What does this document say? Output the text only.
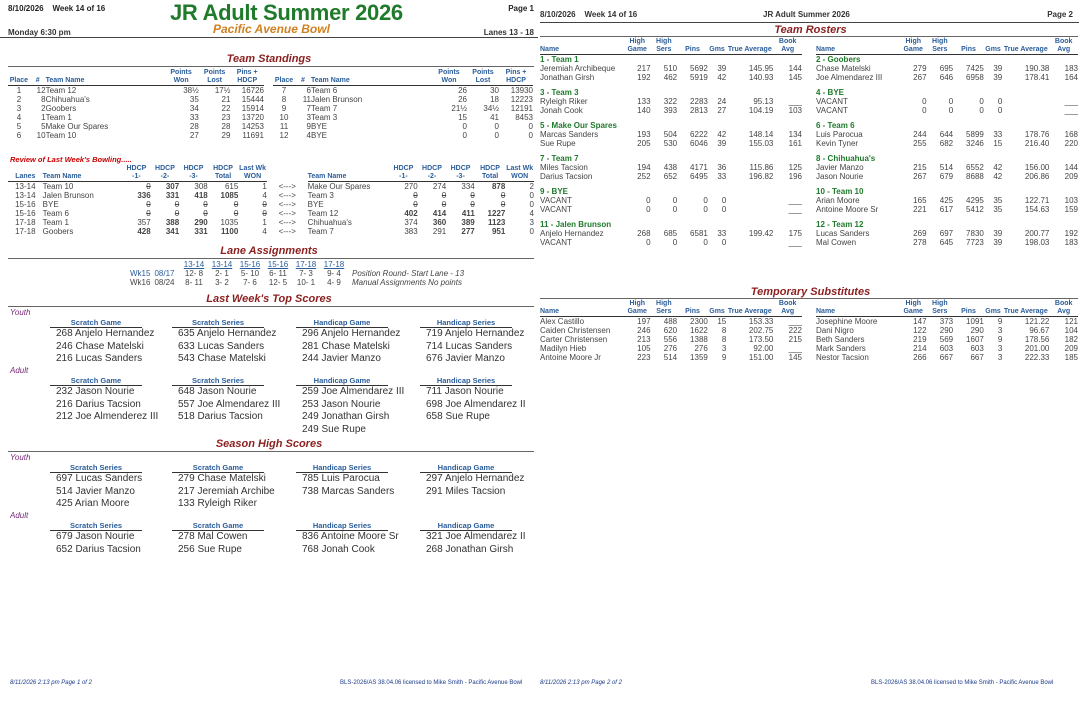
8/10/2026 Week 14 of 16	JR Adult Summer 2026	Page 1
Monday 6:30 pm	Pacific Avenue Bowl	Lanes 13 - 18
Team Standings
Place	#	Team Name	Points Won	Points Lost	Pins + HDCP
1	12	Team 12	38½	17½	16726
2	8	Chihuahua's	35	21	15444
3	2	Goobers	34	22	15914
4	1	Team 1	33	23	13720
5	5	Make Our Spares	28	28	14253
6	10	Team 10	27	29	11691
Place	#	Team Name	Points Won	Points Lost	Pins + HDCP
7	6	Team 6	26	30	13930
8	11	Jalen Brunson	26	18	12223
9	7	Team 7	21½	34½	12191
10	3	Team 3	15	41	8453
11	9	BYE	0	0	0
12	4	BYE	0	0	0
Review of Last Week's Bowling.....
Lanes	Team Name	HDCP -1-	HDCP -2-	HDCP -3-	HDCP Total	Last Wk WON		Team Name	HDCP -1-	HDCP -2-	HDCP -3-	HDCP Total	Last Wk WON
13-14	Team 10	0	307	308	615	1	<--->	Make Our Spares	270	274	334	878	2
13-14	Jalen Brunson	336	331	418	1085	4	<--->	Team 3	0	0	0	0	0
15-16	BYE	0	0	0	0	0	<--->	BYE	0	0	0	0	0
15-16	Team 6	0	0	0	0	0	<--->	Team 12	402	414	411	1227	4
17-18	Team 1	357	388	290	1035	1	<--->	Chihuahua's	374	360	389	1123	3
17-18	Goobers	428	341	331	1100	4	<--->	Team 7	383	291	277	951	0
Lane Assignments
	13-14	13-14	15-16	15-16	17-18	17-18	
Wk15 08/17	12- 8	2- 1	5- 10	6- 11	7- 3	9- 4	Position Round- Start Lane - 13
Wk16 08/24	8- 11	3- 2	7- 6	12- 5	10- 1	4- 9	Manual Assignments No points
Last Week's Top Scores
Youth
Scratch Game
268 Anjelo Hernandez
246 Chase Matelski
216 Lucas Sanders
Scratch Series
635 Anjelo Hernandez
633 Lucas Sanders
543 Chase Matelski
Handicap Game
296 Anjelo Hernandez
281 Chase Matelski
244 Javier Manzo
Handicap Series
719 Anjelo Hernandez
714 Lucas Sanders
676 Javier Manzo
Adult
Scratch Game
232 Jason Nourie
216 Darius Tacsion
212 Joe Almenderez III
Scratch Series
648 Jason Nourie
557 Joe Almendarez III
518 Darius Tacsion
Handicap Game
259 Joe Almendarez III
253 Jason Nourie
249 Jonathan Girsh
249 Sue Rupe
Handicap Series
711 Jason Nourie
698 Joe Almendarez II
658 Sue Rupe
Season High Scores
Youth
Scratch Series
697 Lucas Sanders
514 Javier Manzo
425 Arian Moore
Scratch Game
279 Chase Matelski
217 Jeremiah Archibe
133 Ryleigh Riker
Handicap Series
785 Luis Parocua
738 Marcas Sanders
Handicap Game
297 Anjelo Hernandez
291 Miles Tacsion
Adult
Scratch Series
679 Jason Nourie
652 Darius Tacsion
Scratch Game
278 Mal Cowen
256 Sue Rupe
Handicap Series
836 Antoine Moore Sr
768 Jonah Cook
Handicap Game
321 Joe Almendarez II
268 Jonathan Girsh
8/11/2026 2:13 pm Page 1 of 2	BLS-2026/AS 38.04.06 licensed to Mike Smith - Pacific Avenue Bowl
8/10/2026 Week 14 of 16	JR Adult Summer 2026	Page 2
Team Rosters
Name	High Game	High Sers	Pins	Gms	True Average	Book Avg
1 - Team 1						
Jeremiah Archibeque	217	510	5692	39	145.95	144
Jonathan Girsh	192	462	5919	42	140.93	145
3 - Team 3						
Ryleigh Riker	133	322	2283	24	95.13	___
Jonah Cook	140	393	2813	27	104.19	103
5 - Make Our Spares						
Marcas Sanders	193	504	6222	42	148.14	134
Sue Rupe	205	530	6046	39	155.03	161
7 - Team 7						
Miles Tacsion	194	438	4171	36	115.86	125
Darius Tacsion	252	652	6495	33	196.82	196
9 - BYE						
VACANT	0	0	0	0		___
VACANT	0	0	0	0		___
11 - Jalen Brunson						
Anjelo Hernandez	268	685	6581	33	199.42	175
VACANT	0	0	0	0		___
Name	High Game	High Sers	Pins	Gms	True Average	Book Avg
2 - Goobers						
Chase Matelski	279	695	7425	39	190.38	183
Joe Almendarez III	267	646	6958	39	178.41	164
4 - BYE						
VACANT	0	0	0	0		___
VACANT	0	0	0	0		___
6 - Team 6						
Luis Parocua	244	644	5899	33	178.76	168
Kevin Tyner	255	682	3246	15	216.40	220
8 - Chihuahua's						
Javier Manzo	215	514	6552	42	156.00	144
Jason Nourie	267	679	8688	42	206.86	209
10 - Team 10						
Arian Moore	165	425	4295	35	122.71	103
Antoine Moore Sr	221	617	5412	35	154.63	159
12 - Team 12						
Lucas Sanders	269	697	7830	39	200.77	192
Mal Cowen	278	645	7723	39	198.03	183
Temporary Substitutes
Name	High Game	High Sers	Pins	Gms	True Average	Book Avg
Alex Castillo	197	488	2300	15	153.33	___
Caiden Christensen	246	620	1622	8	202.75	222
Carter Christensen	213	556	1388	8	173.50	215
Madilyn Hieb	105	276	276	3	92.00	___
Antoine Moore Jr	223	514	1359	9	151.00	145
Name	High Game	High Sers	Pins	Gms	True Average	Book Avg
Josephine Moore	147	373	1091	9	121.22	121
Dani Nigro	122	290	290	3	96.67	104
Beth Sanders	219	569	1607	9	178.56	182
Mark Sanders	214	603	603	3	201.00	209
Nestor Tacsion	266	667	667	3	222.33	185
8/11/2026 2:13 pm Page 2 of 2	BLS-2026/AS 38.04.06 licensed to Mike Smith - Pacific Avenue Bowl
